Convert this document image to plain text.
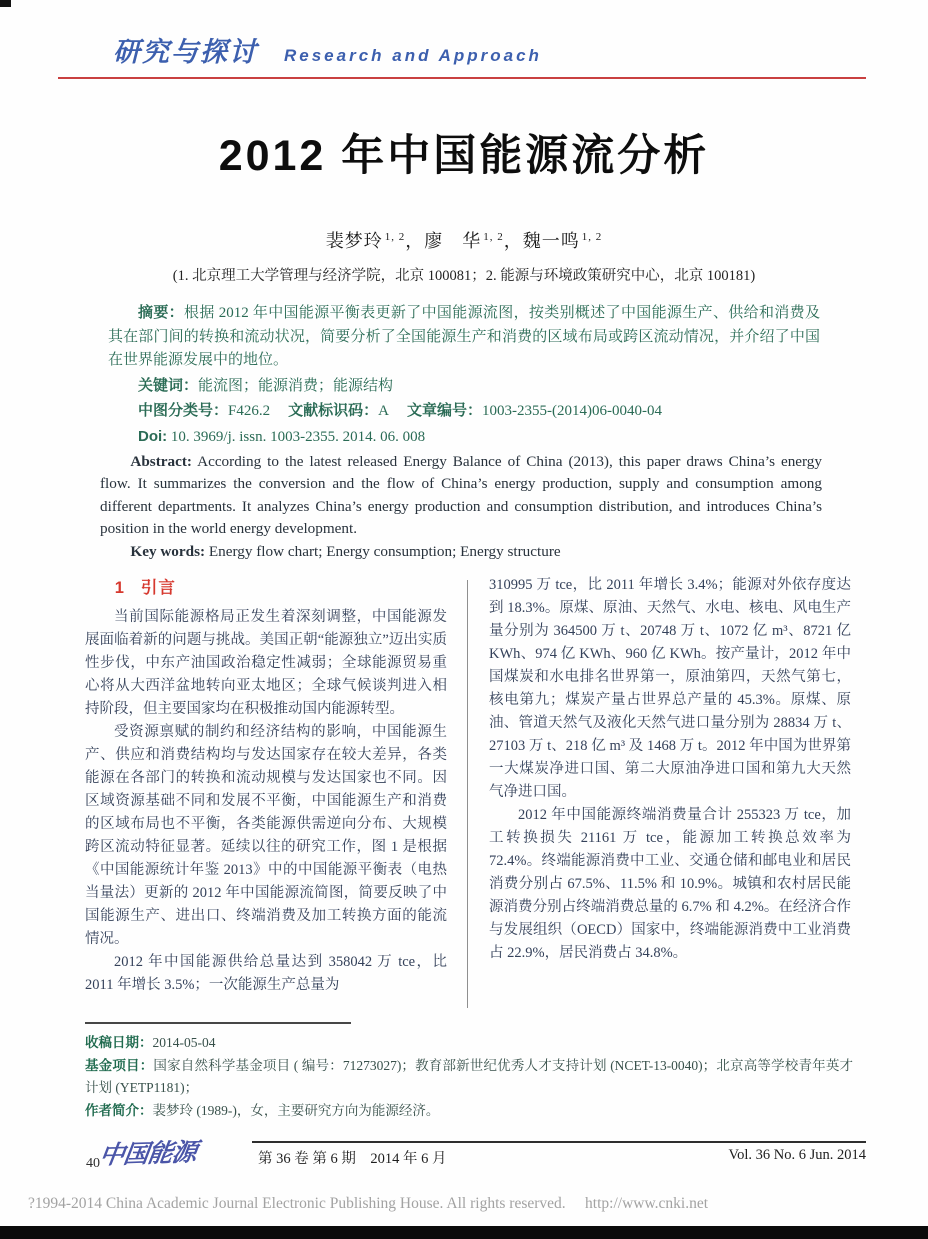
研究与探讨 Research and Approach
2012 年中国能源流分析
裴梦玲 $^{1, 2}$，廖　华 $^{1, 2}$，魏一鸣 $^{1, 2}$
(1. 北京理工大学管理与经济学院，北京 100081；2. 能源与环境政策研究中心，北京 100181)

摘要：根据 2012 年中国能源平衡表更新了中国能源流图，按类别概述了中国能源生产、供给和消费及其在部门间的转换和流动状况，简要分析了全国能源生产和消费的区域布局或跨区流动情况，并介绍了中国在世界能源发展中的地位。

关键词：能流图；能源消费；能源结构
中图分类号：F426.2 文献标识码：A 文章编号：1003-2355-(2014)06-0040-04
Doi: 10. 3969/j. issn. 1003-2355. 2014. 06. 008

Abstract: According to the latest released Energy Balance of China (2013), this paper draws China’s energy flow. It summarizes the conversion and the flow of China’s energy production, supply and consumption among different departments. It analyzes China’s energy production and consumption distribution, and introduces China’s position in the world energy development.

Key words: Energy flow chart; Energy consumption; Energy structure
1 引言

当前国际能源格局正发生着深刻调整，中国能源发展面临着新的问题与挑战。美国正朝“能源独立”迈出实质性步伐，中东产油国政治稳定性减弱；全球能源贸易重心将从大西洋盆地转向亚太地区；全球气候谈判进入相持阶段，但主要国家均在积极推动国内能源转型。

受资源禀赋的制约和经济结构的影响，中国能源生产、供应和消费结构均与发达国家存在较大差异，各类能源在各部门的转换和流动规模与发达国家也不同。因区域资源基础不同和发展不平衡，中国能源生产和消费的区域布局也不平衡，各类能源供需逆向分布、大规模跨区流动特征显著。延续以往的研究工作，图 1 是根据《中国能源统计年鉴 2013》中的中国能源平衡表（电热当量法）更新的 2012 年中国能源流简图，简要反映了中国能源生产、进出口、终端消费及加工转换方面的能流情况。

2012 年中国能源供给总量达到 358042 万 tce，比 2011 年增长 3.5%；一次能源生产总量为

310995 万 tce，比 2011 年增长 3.4%；能源对外依存度达到 18.3%。原煤、原油、天然气、水电、核电、风电生产量分别为 364500 万 t、20748 万 t、1072 亿 m³、8721 亿 KWh、974 亿 KWh、960 亿 KWh。按产量计，2012 年中国煤炭和水电排名世界第一，原油第四，天然气第七，核电第九；煤炭产量占世界总产量的 45.3%。原煤、原油、管道天然气及液化天然气进口量分别为 28834 万 t、27103 万 t、218 亿 m³ 及 1468 万 t。2012 年中国为世界第一大煤炭净进口国、第二大原油净进口国和第九大天然气净进口国。

2012 年中国能源终端消费量合计 255323 万 tce，加工转换损失 21161 万 tce，能源加工转换总效率为 72.4%。终端能源消费中工业、交通仓储和邮电业和居民消费分别占 67.5%、11.5% 和 10.9%。城镇和农村居民能源消费分别占终端消费总量的 6.7% 和 4.2%。在经济合作与发展组织（OECD）国家中，终端能源消费中工业消费占 22.9%，居民消费占 34.8%。

收稿日期：2014-05-04
基金项目：国家自然科学基金项目 ( 编号：71273027)；教育部新世纪优秀人才支持计划 (NCET-13-0040)；北京高等学校青年英才计划 (YETP1181)；
作者简介：裴梦玲 (1989-)，女，主要研究方向为能源经济。
中国能源	第 36 卷 第 6 期　2014 年 6 月	Vol. 36 No. 6 Jun. 2014
40
?1994-2014 China Academic Journal Electronic Publishing House. All rights reserved.　 http://www.cnki.net
